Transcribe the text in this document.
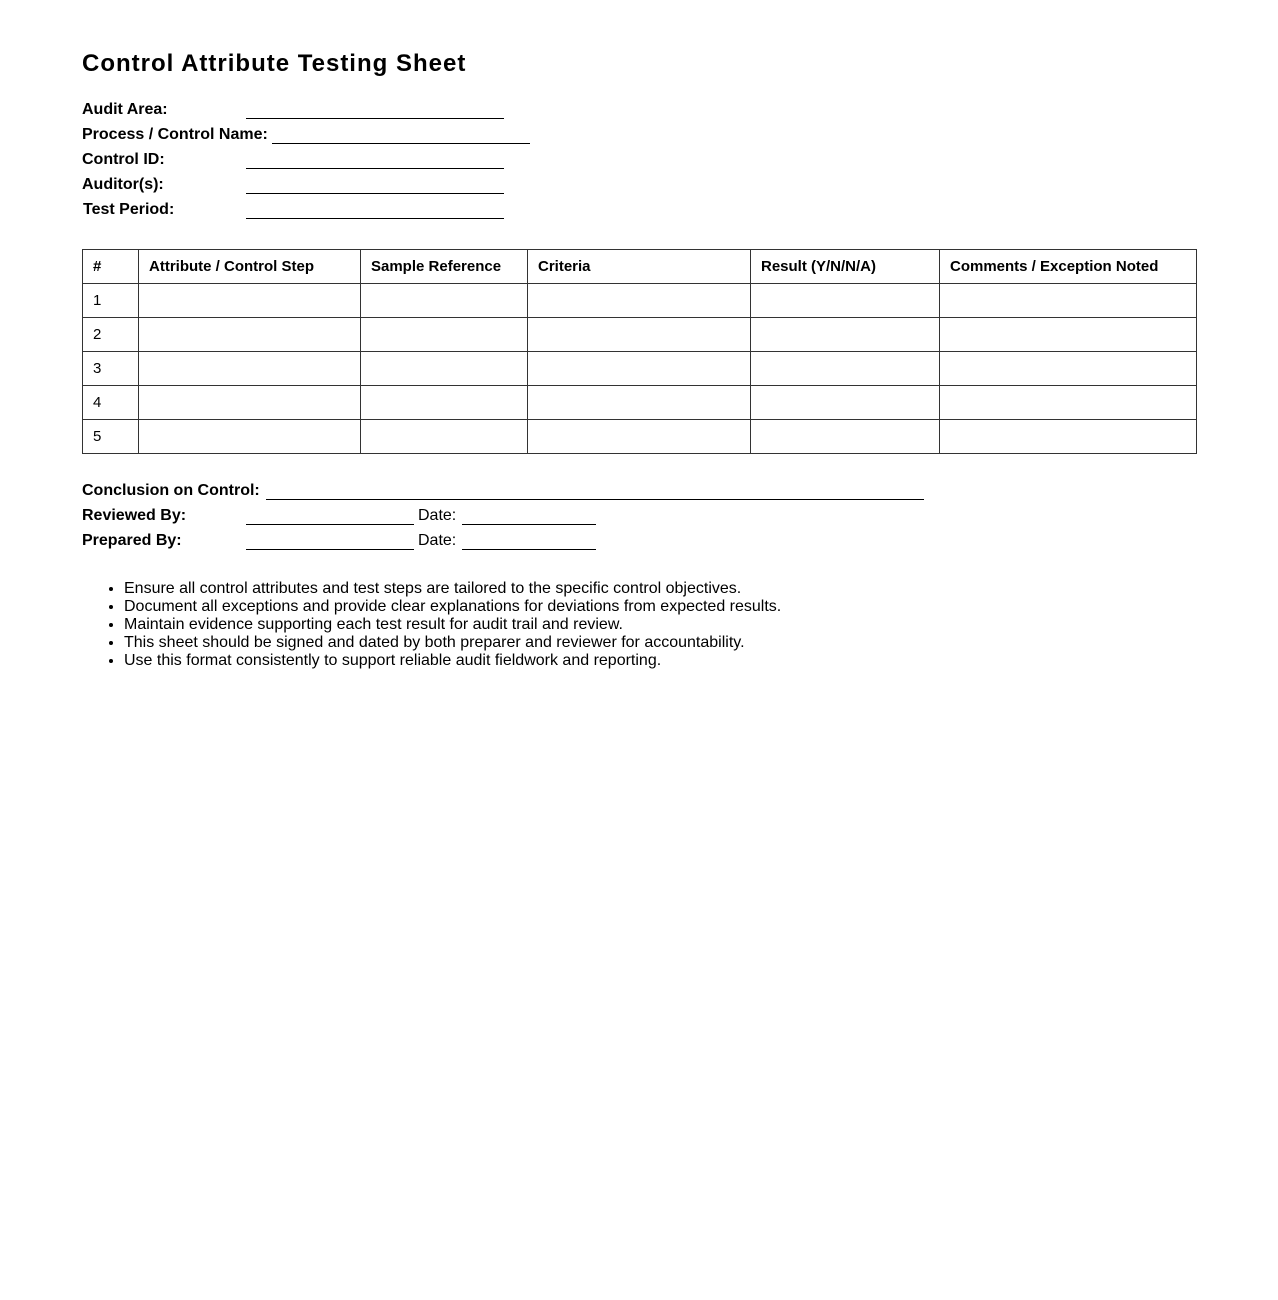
Control Attribute Testing Sheet
Audit Area:
Process / Control Name:
Control ID:
Auditor(s):
Test Period:
#	Attribute / Control Step	Sample Reference	Criteria	Result (Y/N/N/A)	Comments / Exception Noted
1					
2					
3					
4					
5					
Conclusion on Control:
Reviewed By:	Date:
Prepared By:	Date:
• Ensure all control attributes and test steps are tailored to the specific control objectives.
• Document all exceptions and provide clear explanations for deviations from expected results.
• Maintain evidence supporting each test result for audit trail and review.
• This sheet should be signed and dated by both preparer and reviewer for accountability.
• Use this format consistently to support reliable audit fieldwork and reporting.
